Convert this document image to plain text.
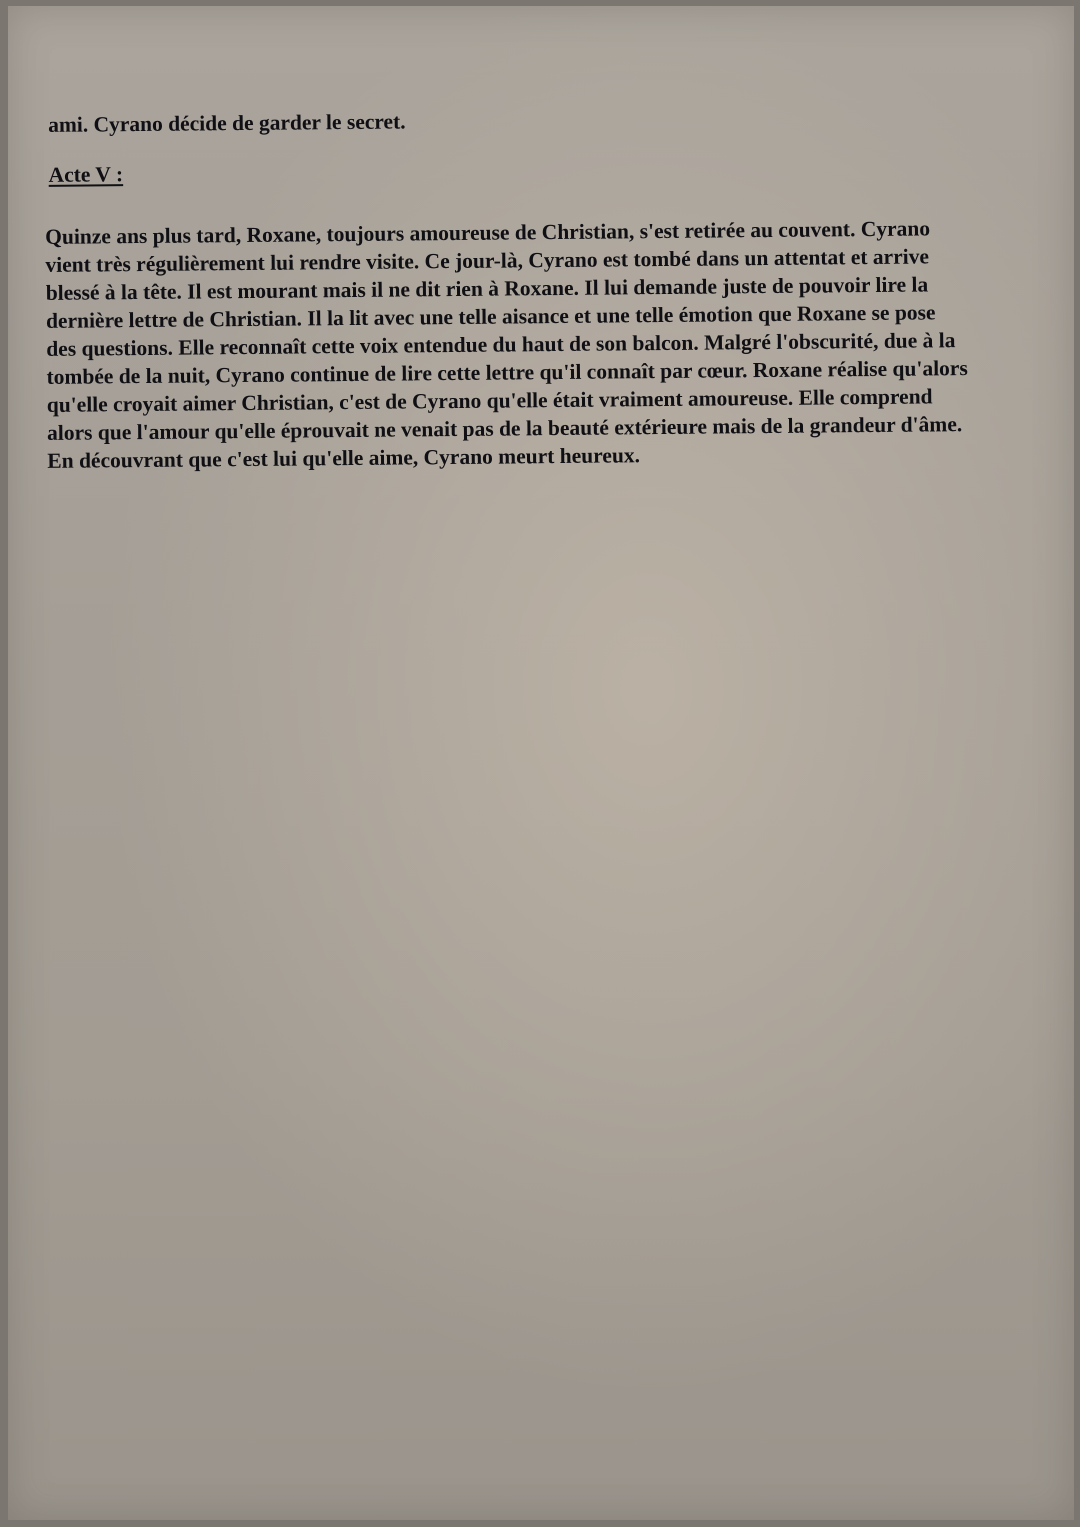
ami. Cyrano décide de garder le secret.
Acte V :
Quinze ans plus tard, Roxane, toujours amoureuse de Christian, s'est retirée au couvent. Cyrano
vient très régulièrement lui rendre visite. Ce jour-là, Cyrano est tombé dans un attentat et arrive
blessé à la tête. Il est mourant mais il ne dit rien à Roxane. Il lui demande juste de pouvoir lire la
dernière lettre de Christian. Il la lit avec une telle aisance et une telle émotion que Roxane se pose
des questions. Elle reconnaît cette voix entendue du haut de son balcon. Malgré l'obscurité, due à la
tombée de la nuit, Cyrano continue de lire cette lettre qu'il connaît par cœur. Roxane réalise qu'alors
qu'elle croyait aimer Christian, c'est de Cyrano qu'elle était vraiment amoureuse. Elle comprend
alors que l'amour qu'elle éprouvait ne venait pas de la beauté extérieure mais de la grandeur d'âme.
En découvrant que c'est lui qu'elle aime, Cyrano meurt heureux.
